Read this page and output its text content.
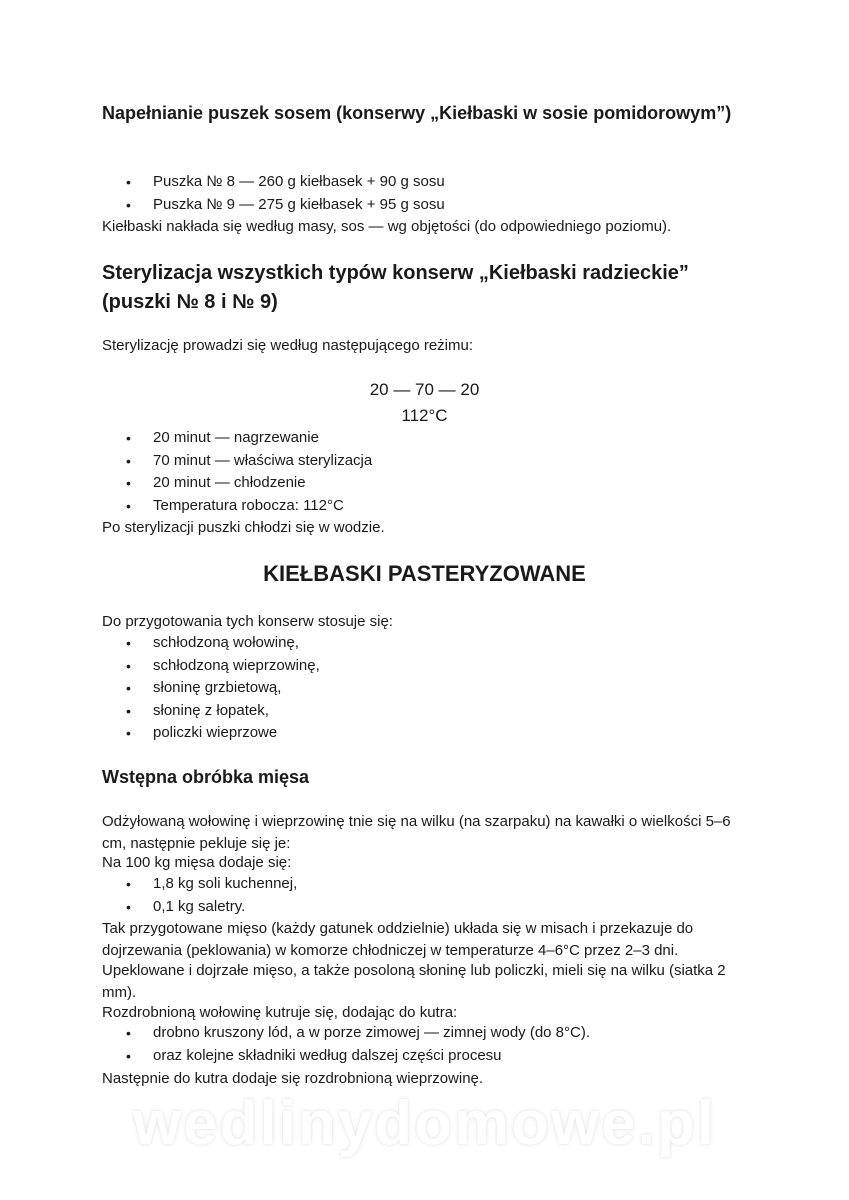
Napełnianie puszek sosem (konserwy „Kiełbaski w sosie pomidorowym”)
• Puszka № 8 — 260 g kiełbasek + 90 g sosu
• Puszka № 9 — 275 g kiełbasek + 95 g sosu

Kiełbaski nakłada się według masy, sos — wg objętości (do odpowiedniego poziomu).

Sterylizacja wszystkich typów konserw „Kiełbaski radzieckie” (puszki № 8 i № 9)

Sterylizację prowadzi się według następującego reżimu:

20 — 70 — 20

112°C

• 20 minut — nagrzewanie
• 70 minut — właściwa sterylizacja
• 20 minut — chłodzenie
• Temperatura robocza: 112°C

Po sterylizacji puszki chłodzi się w wodzie.

KIEŁBASKI PASTERYZOWANE

Do przygotowania tych konserw stosuje się:

• schłodzoną wołowinę,
• schłodzoną wieprzowinę,
• słoninę grzbietową,
• słoninę z łopatek,
• policzki wieprzowe
Wstępna obróbka mięsa

Odżyłowaną wołowinę i wieprzowinę tnie się na wilku (na szarpaku) na kawałki o wielkości 5–6 cm, następnie pekluje się je:

Na 100 kg mięsa dodaje się:

• 1,8 kg soli kuchennej,
• 0,1 kg saletry.

Tak przygotowane mięso (każdy gatunek oddzielnie) układa się w misach i przekazuje do dojrzewania (peklowania) w komorze chłodniczej w temperaturze 4–6°C przez 2–3 dni.

Upeklowane i dojrzałe mięso, a także posoloną słoninę lub policzki, mieli się na wilku (siatka 2 mm).

Rozdrobnioną wołowinę kutruje się, dodając do kutra:

• drobno kruszony lód, a w porze zimowej — zimnej wody (do 8°C).
• oraz kolejne składniki według dalszej części procesu

Następnie do kutra dodaje się rozdrobnioną wieprzowinę.

wedlinydomowe.pl
